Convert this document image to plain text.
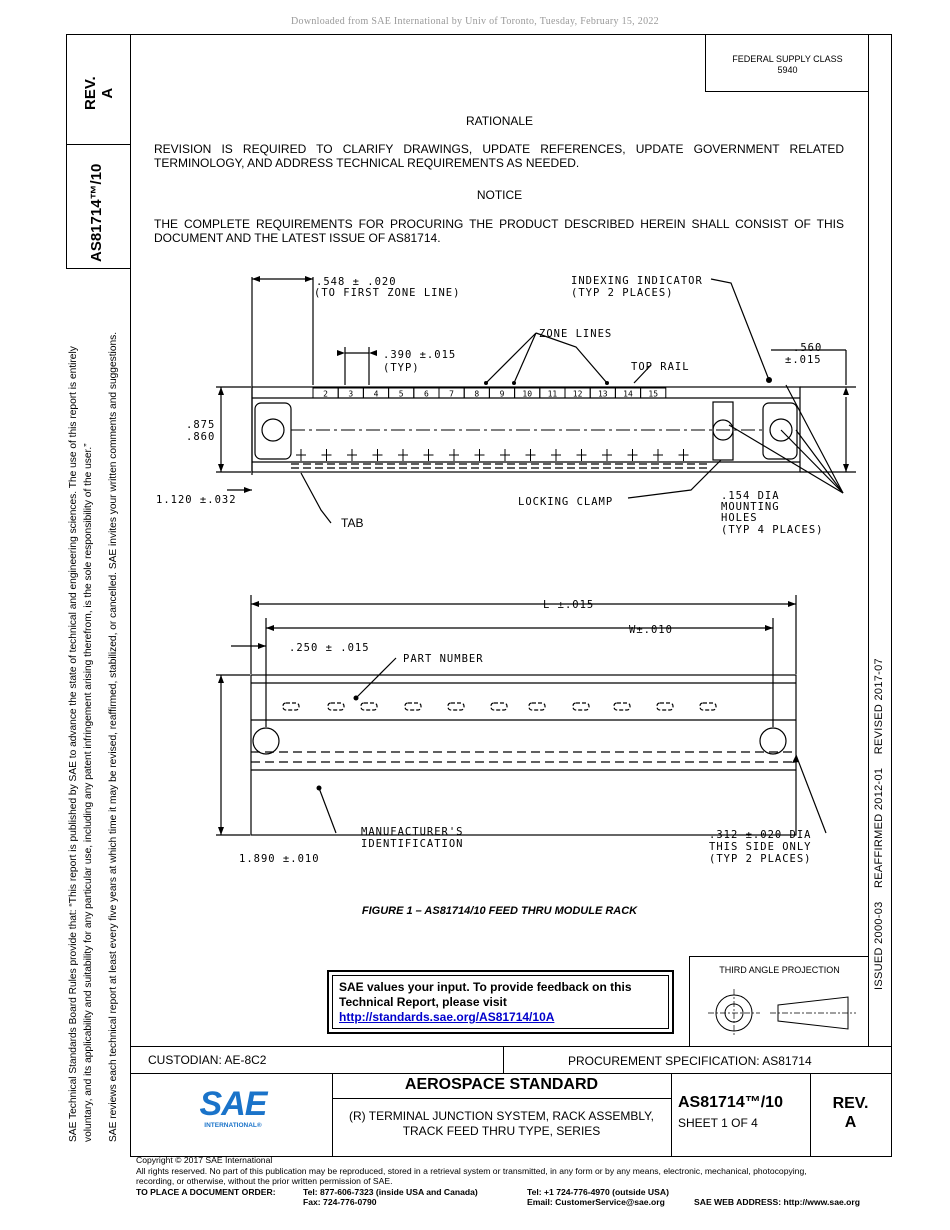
Downloaded from SAE International by Univ of Toronto, Tuesday, February 15, 2022
REV. A
AS81714™/10
SAE Technical Standards Board Rules provide that: “This report is published by SAE to advance the state of technical and engineering sciences. The use of this report is entirely voluntary, and its applicability and suitability for any particular use, including any patent infringement arising therefrom, is the sole responsibility of the user.” SAE reviews each technical report at least every five years at which time it may be revised, reaffirmed, stabilized, or cancelled. SAE invites your written comments and suggestions.	ISSUED 2000-03    REAFFIRMED 2012-01    REVISED 2017-07
FEDERAL SUPPLY CLASS
5940
RATIONALE
REVISION IS REQUIRED TO CLARIFY DRAWINGS, UPDATE REFERENCES, UPDATE GOVERNMENT RELATED TERMINOLOGY, AND ADDRESS TECHNICAL REQUIREMENTS AS NEEDED.
NOTICE
THE COMPLETE REQUIREMENTS FOR PROCURING THE PRODUCT DESCRIBED HEREIN SHALL CONSIST OF THIS DOCUMENT AND THE LATEST ISSUE OF AS81714.
2	3	4	5	6	7	8	9 10 11 12 13 14 15
.548 ± .020
(TO FIRST ZONE LINE)
INDEXING INDICATOR
(TYP 2 PLACES)
ZONE LINES
.390 ±.015
(TYP)	TOP RAIL
.560
±.015
.875
.860
1.120 ±.032
TAB
LOCKING CLAMP	.154 DIA
MOUNTING
HOLES
(TYP 4 PLACES)
L ±.015
W±.010
.250 ± .015
PART NUMBER
MANUFACTURER'S
IDENTIFICATION
1.890 ±.010
.312 ±.020 DIA
THIS SIDE ONLY
(TYP 2 PLACES)
FIGURE 1 – AS81714/10 FEED THRU MODULE RACK
SAE values your input. To provide feedback on this
Technical Report, please visit
http://standards.sae.org/AS81714/10A
THIRD ANGLE PROJECTION
CUSTODIAN: AE-8C2	PROCUREMENT SPECIFICATION: AS81714
SAE
INTERNATIONAL®
AEROSPACE STANDARD
(R) TERMINAL JUNCTION SYSTEM, RACK ASSEMBLY,
TRACK FEED THRU TYPE, SERIES
AS81714™/10
SHEET 1 OF 4
REV.
A
Copyright © 2017 SAE International
All rights reserved. No part of this publication may be reproduced, stored in a retrieval system or transmitted, in any form or by any means, electronic, mechanical, photocopying,
recording, or otherwise, without the prior written permission of SAE.
TO PLACE A DOCUMENT ORDER:	Tel: 877-606-7323 (inside USA and Canada)
Fax: 724-776-0790
Tel: +1 724-776-4970 (outside USA)
Email: CustomerService@sae.org	SAE WEB ADDRESS: http://www.sae.org
